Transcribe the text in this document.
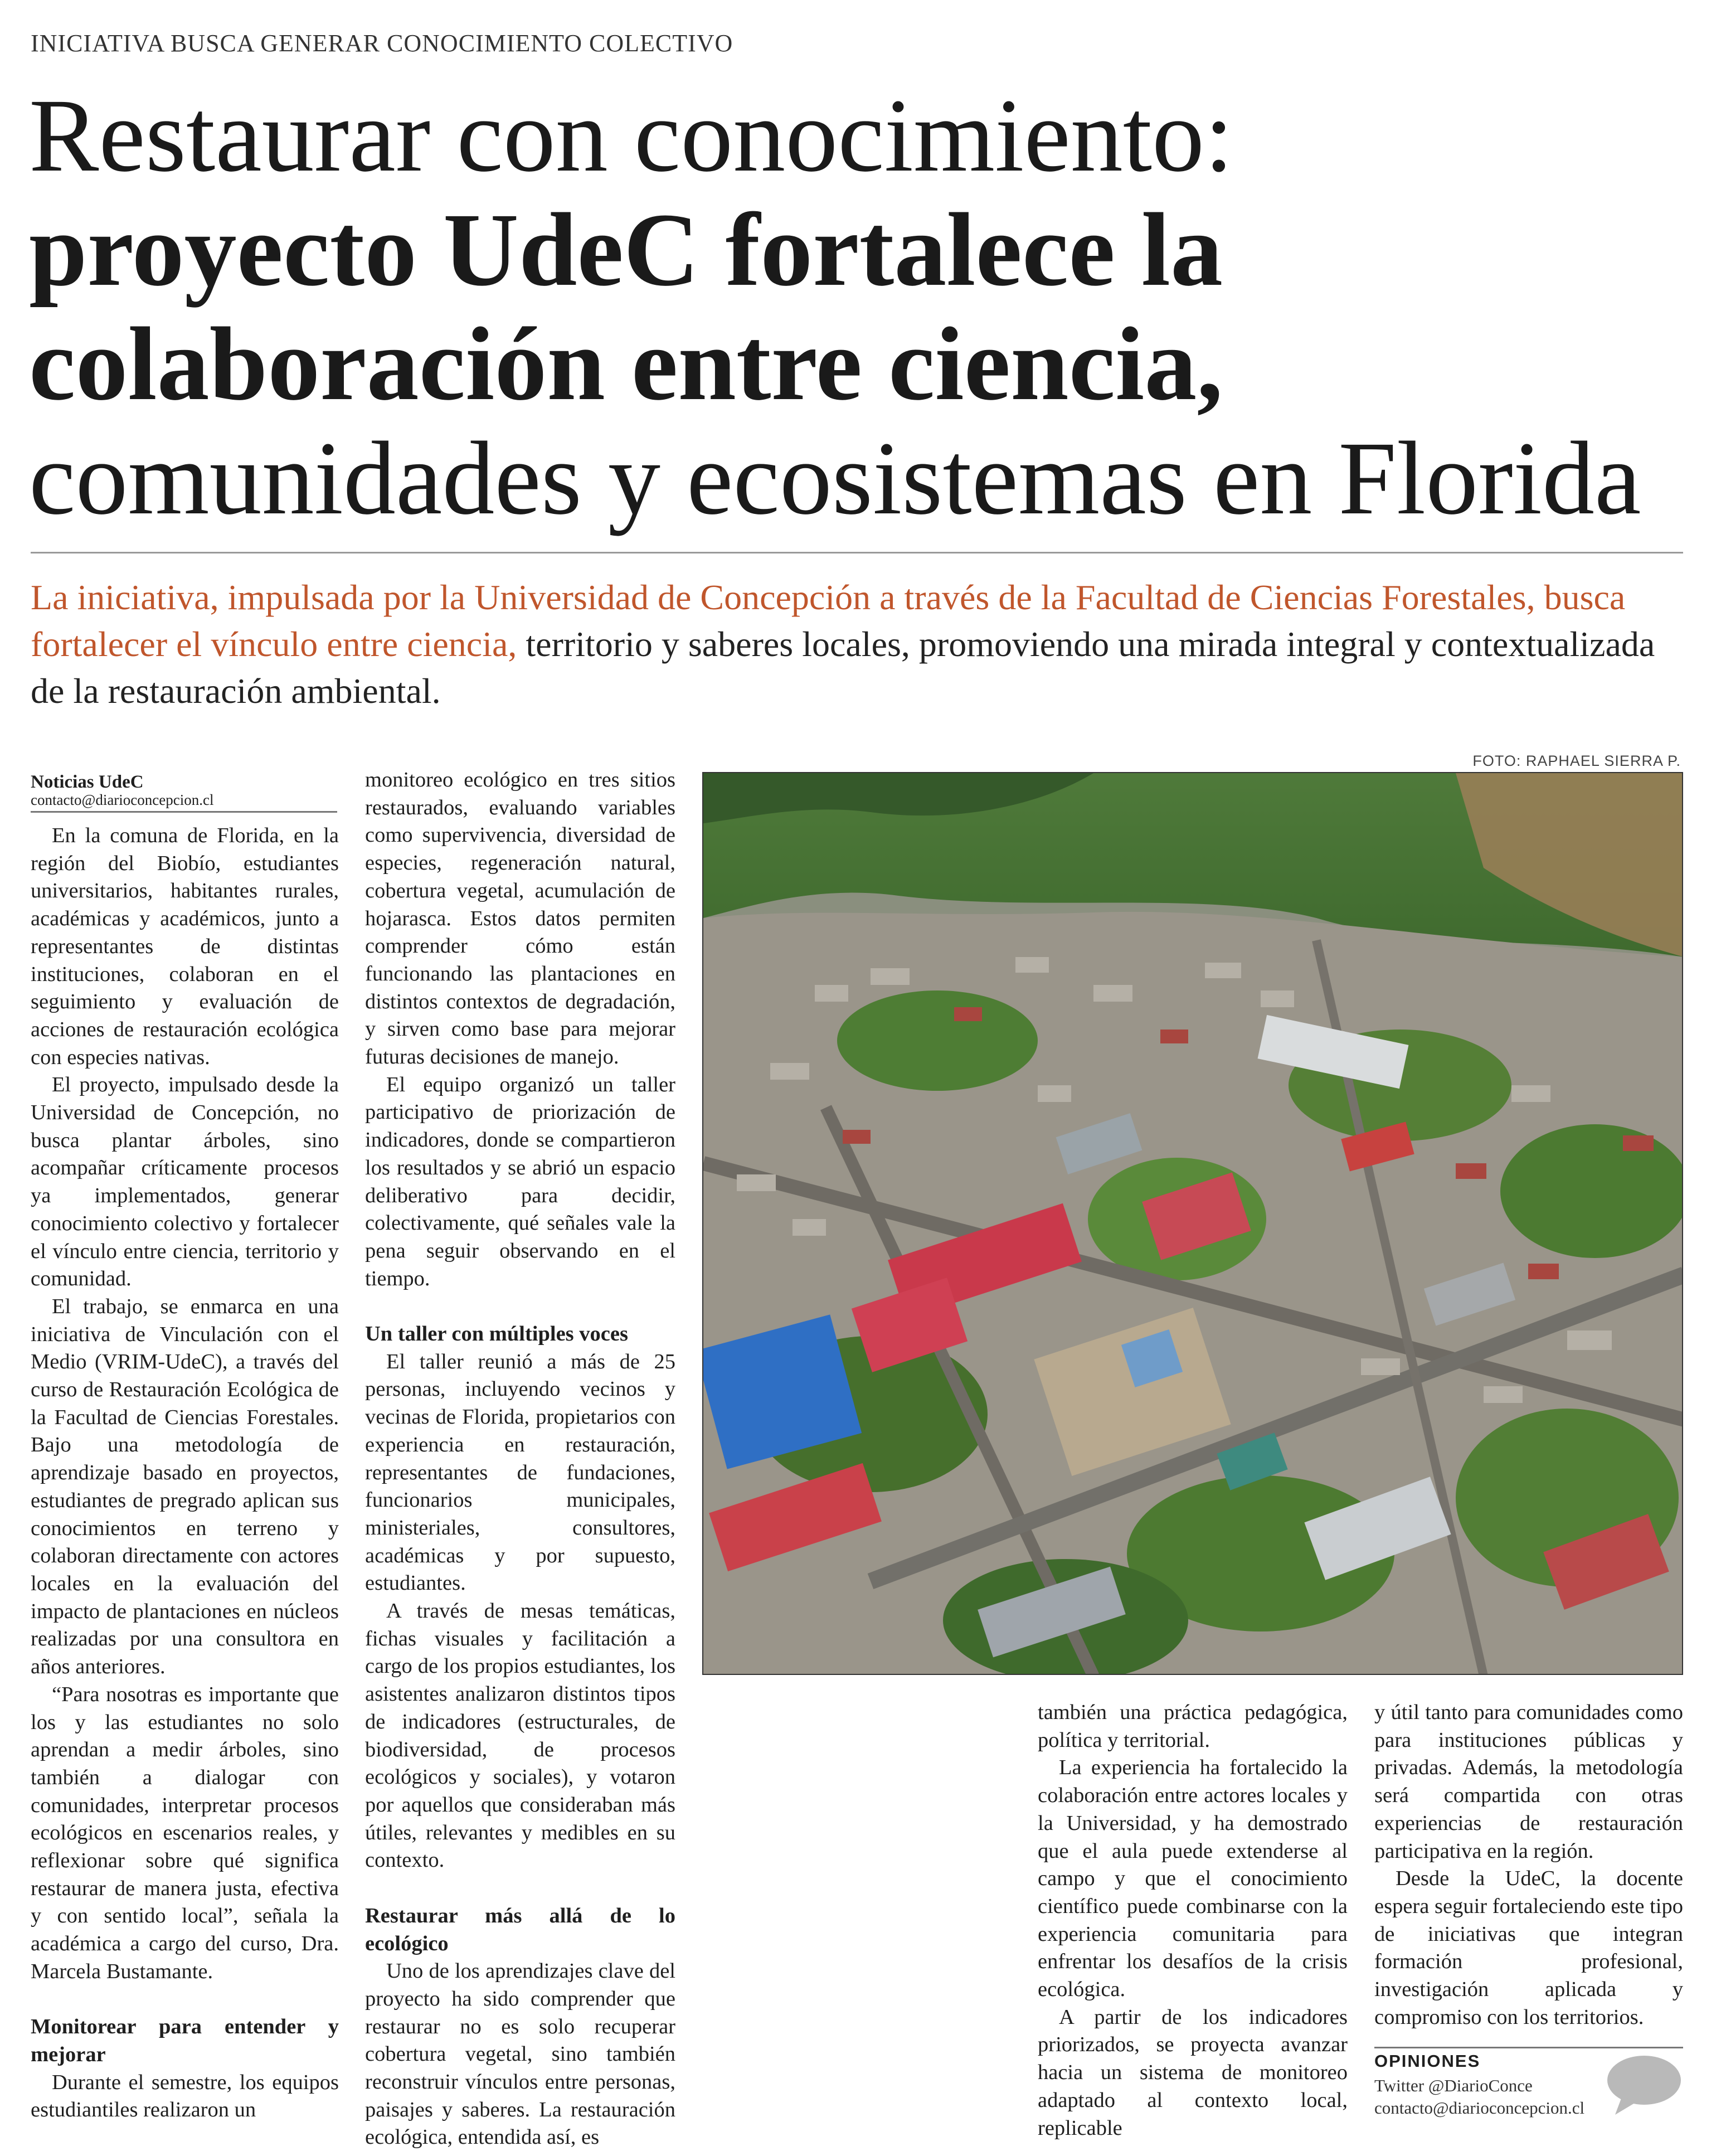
INICIATIVA BUSCA GENERAR CONOCIMIENTO COLECTIVO
Restaurar con conocimiento:
proyecto UdeC fortalece la
colaboración entre ciencia,
comunidades y ecosistemas en Florida
La iniciativa, impulsada por la Universidad de Concepción a través de la Facultad de Ciencias Forestales, busca fortalecer el vínculo entre ciencia, territorio y saberes locales, promoviendo una mirada integral y contextualizada de la restauración ambiental.
FOTO: RAPHAEL SIERRA P.
Noticias UdeC
contacto@diarioconcepcion.cl

En la comuna de Florida, en la región del Biobío, estudiantes universitarios, habitantes rurales, académicas y académicos, junto a representantes de distintas instituciones, colaboran en el seguimiento y evaluación de acciones de restauración ecológica con especies nativas.

El proyecto, impulsado desde la Universidad de Concepción, no busca plantar árboles, sino acompañar críticamente procesos ya implementados, generar conocimiento colectivo y fortalecer el vínculo entre ciencia, territorio y comunidad.

El trabajo, se enmarca en una iniciativa de Vinculación con el Medio (VRIM-UdeC), a través del curso de Restauración Ecológica de la Facultad de Ciencias Forestales. Bajo una metodología de aprendizaje basado en proyectos, estudiantes de pregrado aplican sus conocimientos en terreno y colaboran directamente con actores locales en la evaluación del impacto de plantaciones en núcleos realizadas por una consultora en años anteriores.

“Para nosotras es importante que los y las estudiantes no solo aprendan a medir árboles, sino también a dialogar con comunidades, interpretar procesos ecológicos en escenarios reales, y reflexionar sobre qué significa restaurar de manera justa, efectiva y con sentido local”, señala la académica a cargo del curso, Dra. Marcela Bustamante.

Monitorear para entender y mejorar

Durante el semestre, los equipos estudiantiles realizaron un

monitoreo ecológico en tres sitios restaurados, evaluando variables como supervivencia, diversidad de especies, regeneración natural, cobertura vegetal, acumulación de hojarasca. Estos datos permiten comprender cómo están funcionando las plantaciones en distintos contextos de degradación, y sirven como base para mejorar futuras decisiones de manejo.

El equipo organizó un taller participativo de priorización de indicadores, donde se compartieron los resultados y se abrió un espacio deliberativo para decidir, colectivamente, qué señales vale la pena seguir observando en el tiempo.

Un taller con múltiples voces

El taller reunió a más de 25 personas, incluyendo vecinos y vecinas de Florida, propietarios con experiencia en restauración, representantes de fundaciones, funcionarios municipales, ministeriales, consultores, académicas y por supuesto, estudiantes.

A través de mesas temáticas, fichas visuales y facilitación a cargo de los propios estudiantes, los asistentes analizaron distintos tipos de indicadores (estructurales, de biodiversidad, de procesos ecológicos y sociales), y votaron por aquellos que consideraban más útiles, relevantes y medibles en su contexto.

Restaurar más allá de lo ecológico

Uno de los aprendizajes clave del proyecto ha sido comprender que restaurar no es solo recuperar cobertura vegetal, sino también reconstruir vínculos entre personas, paisajes y saberes. La restauración ecológica, entendida así, es

también una práctica pedagógica, política y territorial.

La experiencia ha fortalecido la colaboración entre actores locales y la Universidad, y ha demostrado que el aula puede extenderse al campo y que el conocimiento científico puede combinarse con la experiencia comunitaria para enfrentar los desafíos de la crisis ecológica.

A partir de los indicadores priorizados, se proyecta avanzar hacia un sistema de monitoreo adaptado al contexto local, replicable

y útil tanto para comunidades como para instituciones públicas y privadas. Además, la metodología será compartida con otras experiencias de restauración participativa en la región.

Desde la UdeC, la docente espera seguir fortaleciendo este tipo de iniciativas que integran formación profesional, investigación aplicada y compromiso con los territorios.

OPINIONES
Twitter @DiarioConce
contacto@diarioconcepcion.cl
